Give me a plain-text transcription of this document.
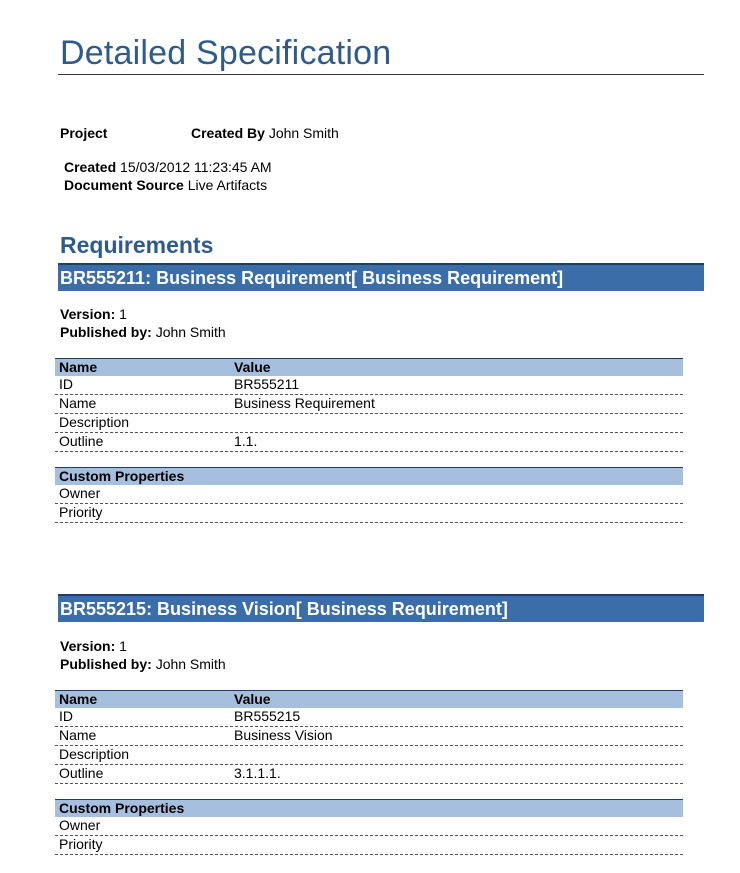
Detailed Specification
Project	Created By John Smith
Created 15/03/2012 11:23:45 AM
Document Source Live Artifacts
Requirements
BR555211: Business Requirement[ Business Requirement]
Version: 1
Published by: John Smith
Name	Value
ID	BR555211
Name	Business Requirement
Description
Outline	1.1.
Custom Properties
Owner
Priority
BR555215: Business Vision[ Business Requirement]
Version: 1
Published by: John Smith
Name	Value
ID	BR555215
Name	Business Vision
Description
Outline	3.1.1.1.
Custom Properties
Owner
Priority
